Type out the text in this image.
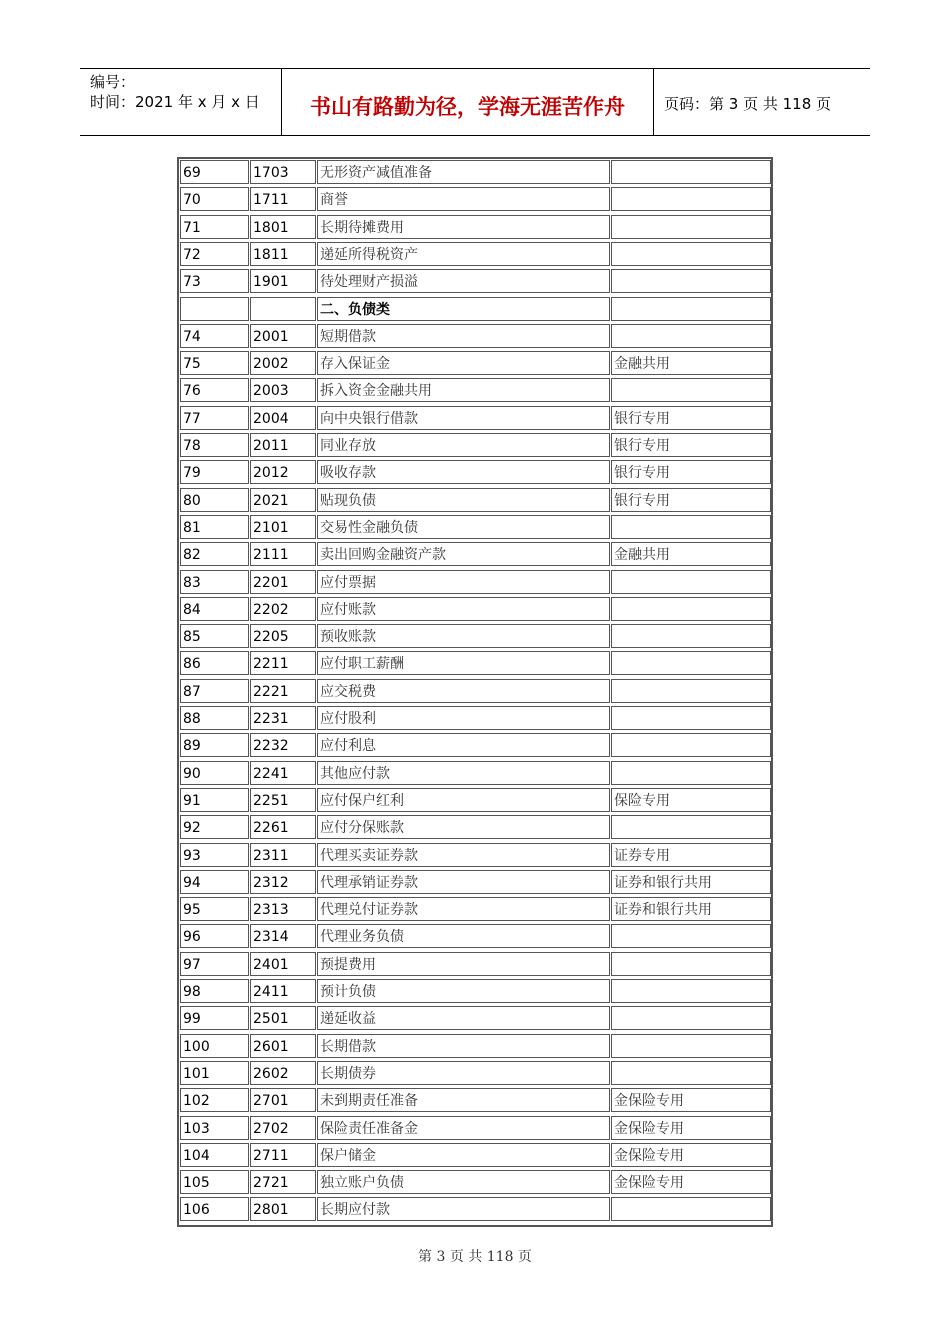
编号：
时间：2021 年 x 月 x 日	书山有路勤为径，学海无涯苦作舟	页码：第 3 页 共 118 页
69	1703	无形资产减值准备
70	1711	商誉
71	1801	长期待摊费用
72	1811	递延所得税资产
73	1901	待处理财产损溢
二、负债类
74	2001	短期借款
75	2002	存入保证金	金融共用
76	2003	拆入资金金融共用
77	2004	向中央银行借款	银行专用
78	2011	同业存放	银行专用
79	2012	吸收存款	银行专用
80	2021	贴现负债	银行专用
81	2101	交易性金融负债
82	2111	卖出回购金融资产款	金融共用
83	2201	应付票据
84	2202	应付账款
85	2205	预收账款
86	2211	应付职工薪酬
87	2221	应交税费
88	2231	应付股利
89	2232	应付利息
90	2241	其他应付款
91	2251	应付保户红利	保险专用
92	2261	应付分保账款
93	2311	代理买卖证券款	证券专用
94	2312	代理承销证券款	证券和银行共用
95	2313	代理兑付证券款	证券和银行共用
96	2314	代理业务负债
97	2401	预提费用
98	2411	预计负债
99	2501	递延收益
100	2601	长期借款
101	2602	长期债券
102	2701	未到期责任准备	金保险专用
103	2702	保险责任准备金	金保险专用
104	2711	保户储金	金保险专用
105	2721	独立账户负债	金保险专用
106	2801	长期应付款
第 3 页 共 118 页
